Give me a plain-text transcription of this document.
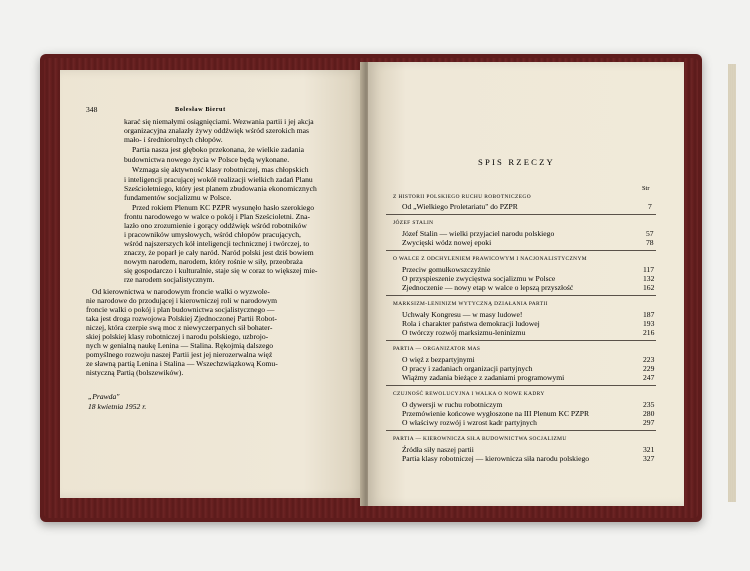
348	Bolesław Bierut
karać się niemałymi osiągnięciami. Wezwania partii i jej akcja
organizacyjna znalazły żywy oddźwięk wśród szerokich mas
mało- i średniorolnych chłopów.
Partia nasza jest głęboko przekonana, że wielkie zadania
budownictwa nowego życia w Polsce będą wykonane.
Wzmaga się aktywność klasy robotniczej, mas chłopskich
i inteligencji pracującej wokół realizacji wielkich zadań Planu
Sześcioletniego, który jest planem zbudowania ekonomicznych
fundamentów socjalizmu w Polsce.
Przed rokiem Plenum KC PZPR wysunęło hasło szerokiego
frontu narodowego w walce o pokój i Plan Sześcioletni. Zna-
lazło ono zrozumienie i gorący oddźwięk wśród robotników
i pracowników umysłowych, wśród chłopów pracujących,
wśród najszerszych kół inteligencji technicznej i twórczej, to
znaczy, że poparł je cały naród. Naród polski jest dziś bowiem
nowym narodem, narodem, który rośnie w siły, przeobraża
się gospodarczo i kulturalnie, staje się w coraz to większej mie-
rze narodem socjalistycznym.
Od kierownictwa w narodowym froncie walki o wyzwole-
nie narodowe do przodującej i kierowniczej roli w narodowym
froncie walki o pokój i plan budownictwa socjalistycznego —
taka jest droga rozwojowa Polskiej Zjednoczonej Partii Robot-
niczej, która czerpie swą moc z niewyczerpanych sił bohater-
skiej polskiej klasy robotniczej i narodu polskiego, uzbrojo-
nych w genialną naukę Lenina — Stalina. Rękojmią dalszego
pomyślnego rozwoju naszej Partii jest jej nierozerwalna więź
ze sławną partią Lenina i Stalina — Wszechzwiązkową Komu-
nistyczną Partią (bolszewików).
„Prawda"
18 kwietnia 1952 r.
SPIS RZECZY
Str
Z HISTORII POLSKIEGO RUCHU ROBOTNICZEGO
Od „Wielkiego Proletariatu" do PZPR	7
JÓZEF STALIN
Józef Stalin — wielki przyjaciel narodu polskiego	57
Zwycięski wódz nowej epoki	78
O WALCE Z ODCHYLENIEM PRAWICOWYM I NACJONALISTYCZNYM
Przeciw gomułkowszczyźnie	117
O przyspieszenie zwycięstwa socjalizmu w Polsce	132
Zjednoczenie — nowy etap w walce o lepszą przyszłość	162
MARKSIZM-LENINIZM WYTYCZNĄ DZIAŁANIA PARTII
Uchwały Kongresu — w masy ludowe!	187
Rola i charakter państwa demokracji ludowej	193
O twórczy rozwój marksizmu-leninizmu	216
PARTIA — ORGANIZATOR MAS
O więź z bezpartyjnymi	223
O pracy i zadaniach organizacji partyjnych	229
Wiążmy zadania bieżące z zadaniami programowymi	247
CZUJNOŚĆ REWOLUCYJNA I WALKA O NOWE KADRY
O dywersji w ruchu robotniczym	235
Przemówienie końcowe wygłoszone na III Plenum KC PZPR	280
O właściwy rozwój i wzrost kadr partyjnych	297
PARTIA — KIEROWNICZA SIŁA BUDOWNICTWA SOCJALIZMU
Źródła siły naszej partii	321
Partia klasy robotniczej — kierownicza siła narodu polskiego	327
